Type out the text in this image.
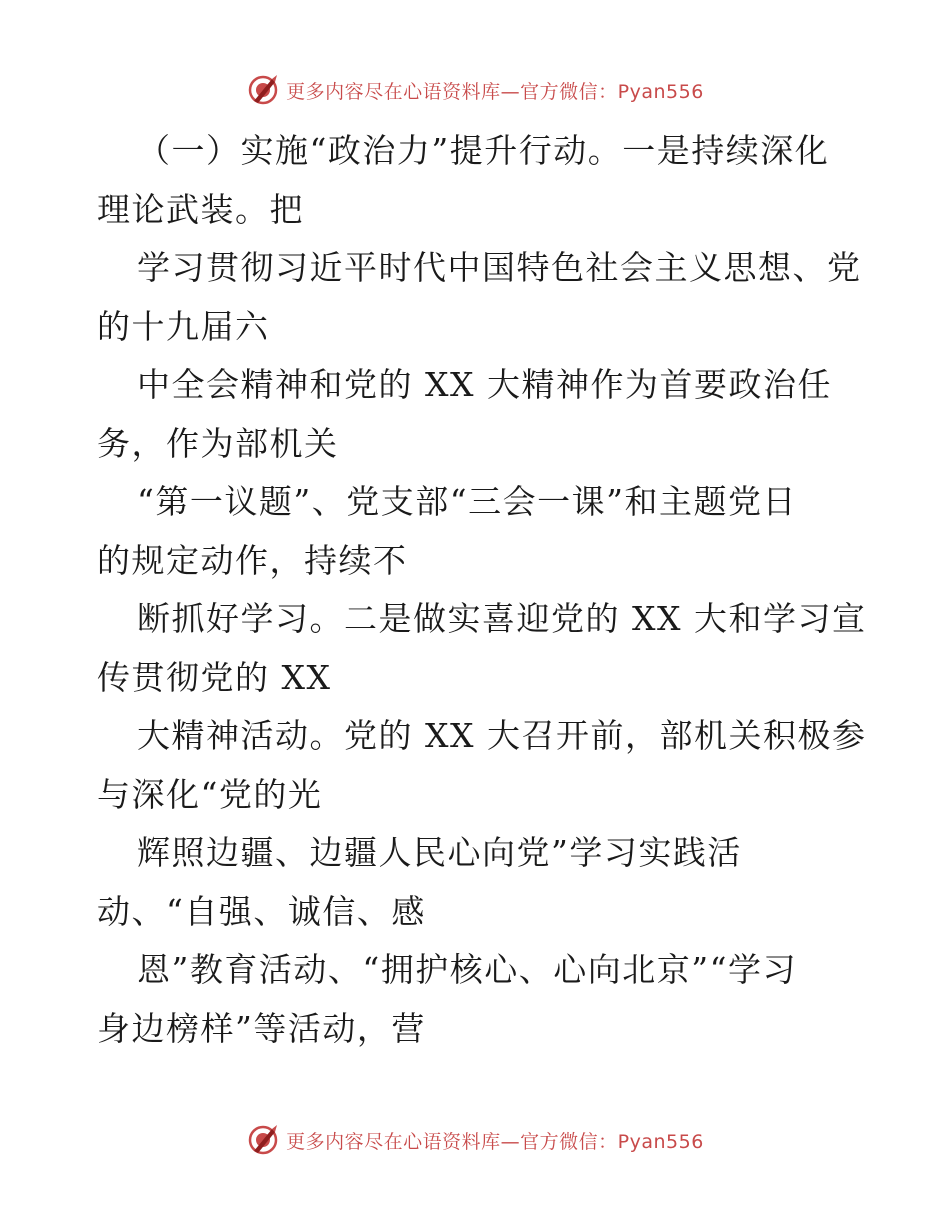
更多内容尽在心语资料库—官方微信：Pyan556
（一）实施“政治力”提升行动。一是持续深化
理论武装。把
学习贯彻习近平时代中国特色社会主义思想、党
的十九届六
中全会精神和党的 XX 大精神作为首要政治任
务，作为部机关
“第一议题”、党支部“三会一课”和主题党日
的规定动作，持续不
断抓好学习。二是做实喜迎党的 XX 大和学习宣
传贯彻党的 XX
大精神活动。党的 XX 大召开前，部机关积极参
与深化“党的光
辉照边疆、边疆人民心向党”学习实践活
动、“自强、诚信、感
恩”教育活动、“拥护核心、心向北京”“学习
身边榜样”等活动，营
更多内容尽在心语资料库—官方微信：Pyan556
